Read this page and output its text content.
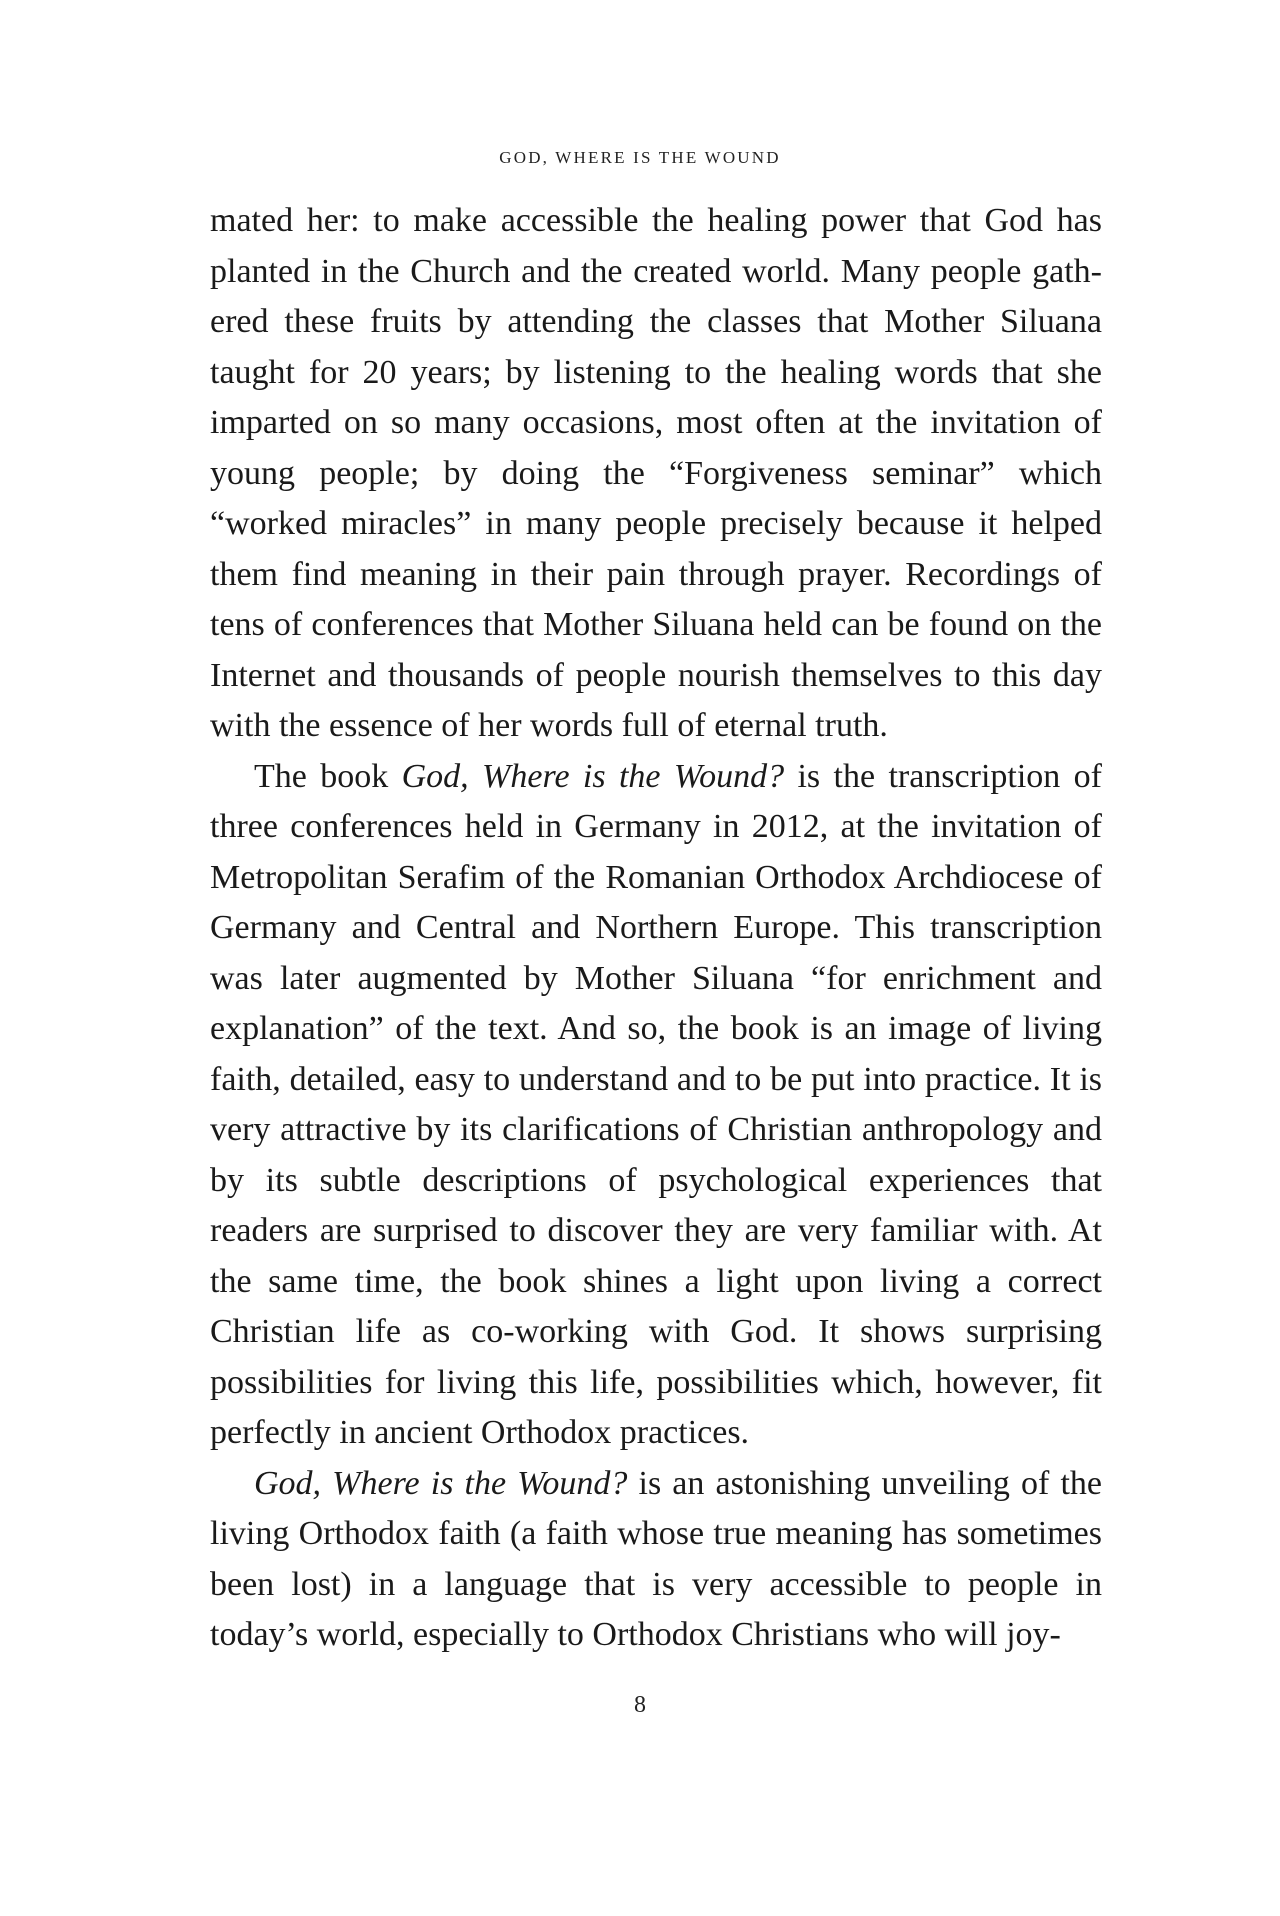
GOD, WHERE IS THE WOUND

mated her: to make accessible the healing power that God has planted in the Church and the created world. Many people gathered these fruits by attending the classes that Mother Siluana taught for 20 years; by listening to the healing words that she imparted on so many occasions, most often at the invitation of young people; by doing the “Forgiveness seminar” which “worked miracles” in many people precisely because it helped them find meaning in their pain through prayer. Recordings of tens of conferences that Mother Siluana held can be found on the Internet and thousands of people nourish themselves to this day with the essence of her words full of eternal truth.

The book God, Where is the Wound? is the transcription of three conferences held in Germany in 2012, at the invitation of Metropolitan Serafim of the Romanian Orthodox Archdiocese of Germany and Central and Northern Europe. This transcription was later augmented by Mother Siluana “for enrichment and explanation” of the text. And so, the book is an image of living faith, detailed, easy to understand and to be put into practice. It is very attractive by its clarifications of Christian anthropology and by its subtle descriptions of psychological experiences that readers are surprised to discover they are very familiar with. At the same time, the book shines a light upon living a correct Christian life as co-working with God. It shows surprising possibilities for living this life, possibilities which, however, fit perfectly in ancient Orthodox practices.

God, Where is the Wound? is an astonishing unveiling of the living Orthodox faith (a faith whose true meaning has sometimes been lost) in a language that is very accessible to people in today’s world, especially to Orthodox Christians who will joy-

8
